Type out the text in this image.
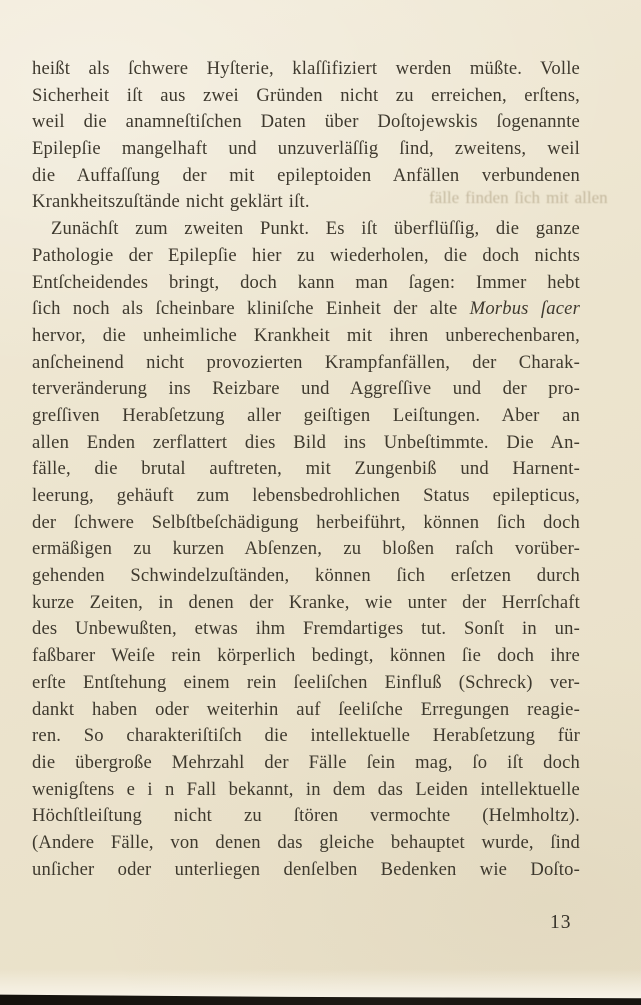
fälle finden ſich mit allen
heißt als ſchwere Hyſterie, klaſſifiziert werden müßte. Volle
Sicherheit iſt aus zwei Gründen nicht zu erreichen, erſtens,
weil die anamneſtiſchen Daten über Doſtojewskis ſogenannte
Epilepſie mangelhaft und unzuverläſſig ſind, zweitens, weil
die Auffaſſung der mit epileptoiden Anfällen verbundenen
Krankheitszuſtände nicht geklärt iſt.
Zunächſt zum zweiten Punkt. Es iſt überflüſſig, die ganze
Pathologie der Epilepſie hier zu wiederholen, die doch nichts
Entſcheidendes bringt, doch kann man ſagen: Immer hebt
ſich noch als ſcheinbare kliniſche Einheit der alte Morbus ſacer
hervor, die unheimliche Krankheit mit ihren unberechenbaren,
anſcheinend nicht provozierten Krampfanfällen, der Charak-
terveränderung ins Reizbare und Aggreſſive und der pro-
greſſiven Herabſetzung aller geiſtigen Leiſtungen. Aber an
allen Enden zerflattert dies Bild ins Unbeſtimmte. Die An-
fälle, die brutal auftreten, mit Zungenbiß und Harnent-
leerung, gehäuft zum lebensbedrohlichen Status epilepticus,
der ſchwere Selbſtbeſchädigung herbeiführt, können ſich doch
ermäßigen zu kurzen Abſenzen, zu bloßen raſch vorüber-
gehenden Schwindelzuſtänden, können ſich erſetzen durch
kurze Zeiten, in denen der Kranke, wie unter der Herrſchaft
des Unbewußten, etwas ihm Fremdartiges tut. Sonſt in un-
faßbarer Weiſe rein körperlich bedingt, können ſie doch ihre
erſte Entſtehung einem rein ſeeliſchen Einfluß (Schreck) ver-
dankt haben oder weiterhin auf ſeeliſche Erregungen reagie-
ren. So charakteriſtiſch die intellektuelle Herabſetzung für
die übergroße Mehrzahl der Fälle ſein mag, ſo iſt doch
wenigſtens e i n Fall bekannt, in dem das Leiden intellektuelle
Höchſtleiſtung nicht zu ſtören vermochte (Helmholtz).
(Andere Fälle, von denen das gleiche behauptet wurde, ſind
unſicher oder unterliegen denſelben Bedenken wie Doſto-
13
